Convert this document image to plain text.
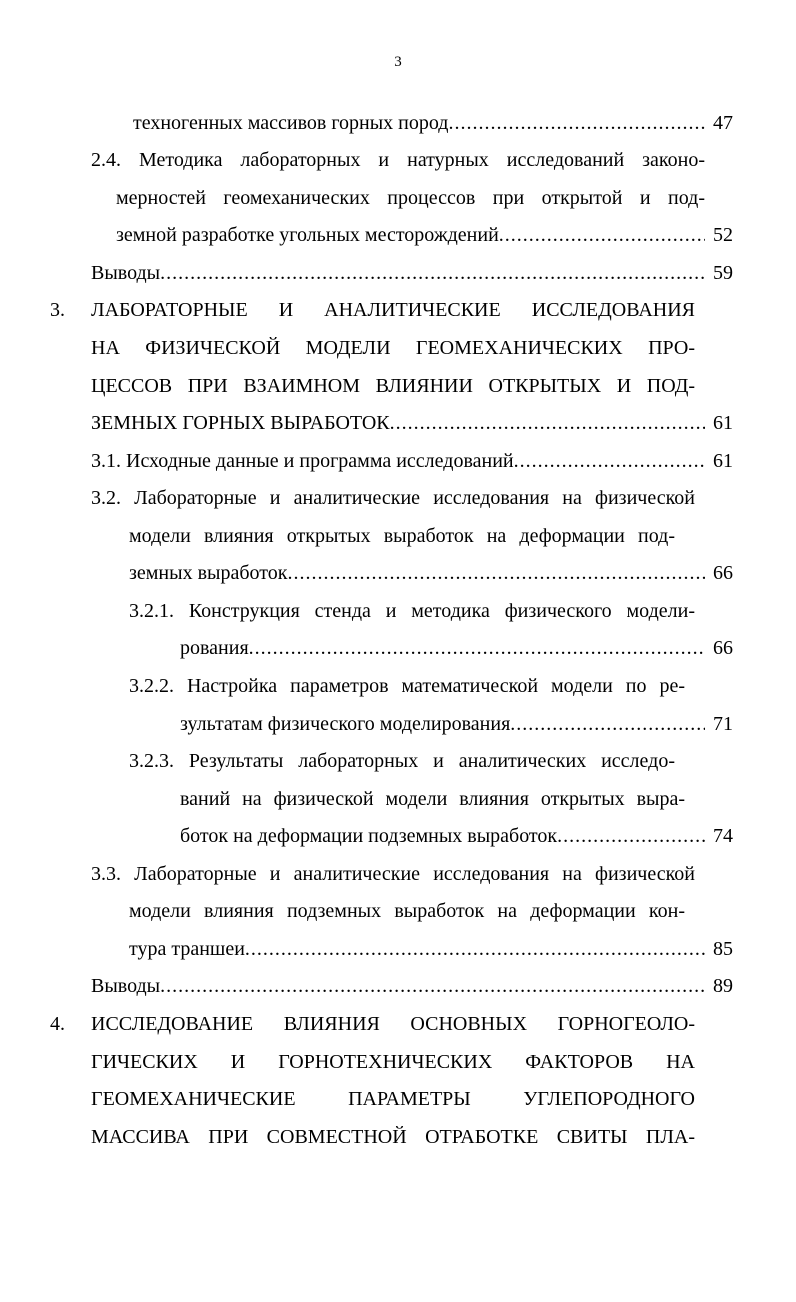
3
техногенных массивов горных пород .....	47
2.4. Методика лабораторных и натурных исследований законо-
мерностей геомеханических процессов при открытой и под-
земной разработке угольных месторождений .....	52
Выводы .....	59
3. ЛАБОРАТОРНЫЕ И АНАЛИТИЧЕСКИЕ ИССЛЕДОВАНИЯ
НА ФИЗИЧЕСКОЙ МОДЕЛИ ГЕОМЕХАНИЧЕСКИХ ПРО-
ЦЕССОВ ПРИ ВЗАИМНОМ ВЛИЯНИИ ОТКРЫТЫХ И ПОД-
ЗЕМНЫХ ГОРНЫХ ВЫРАБОТОК .....	61
3.1. Исходные данные и программа исследований .....	61
3.2. Лабораторные и аналитические исследования на физической
модели влияния открытых выработок на деформации под-
земных выработок .....	66
3.2.1. Конструкция стенда и методика физического модели-
рования .....	66
3.2.2. Настройка параметров математической модели по ре-
зультатам физического моделирования .....	71
3.2.3. Результаты лабораторных и аналитических исследо-
ваний на физической модели влияния открытых выра-
боток на деформации подземных выработок .....	74
3.3. Лабораторные и аналитические исследования на физической
модели влияния подземных выработок на деформации кон-
тура траншеи .....	85
Выводы .....	89
4. ИССЛЕДОВАНИЕ ВЛИЯНИЯ ОСНОВНЫХ ГОРНОГЕОЛО-
ГИЧЕСКИХ И ГОРНОТЕХНИЧЕСКИХ ФАКТОРОВ НА
ГЕОМЕХАНИЧЕСКИЕ ПАРАМЕТРЫ УГЛЕПОРОДНОГО
МАССИВА ПРИ СОВМЕСТНОЙ ОТРАБОТКЕ СВИТЫ ПЛА-
